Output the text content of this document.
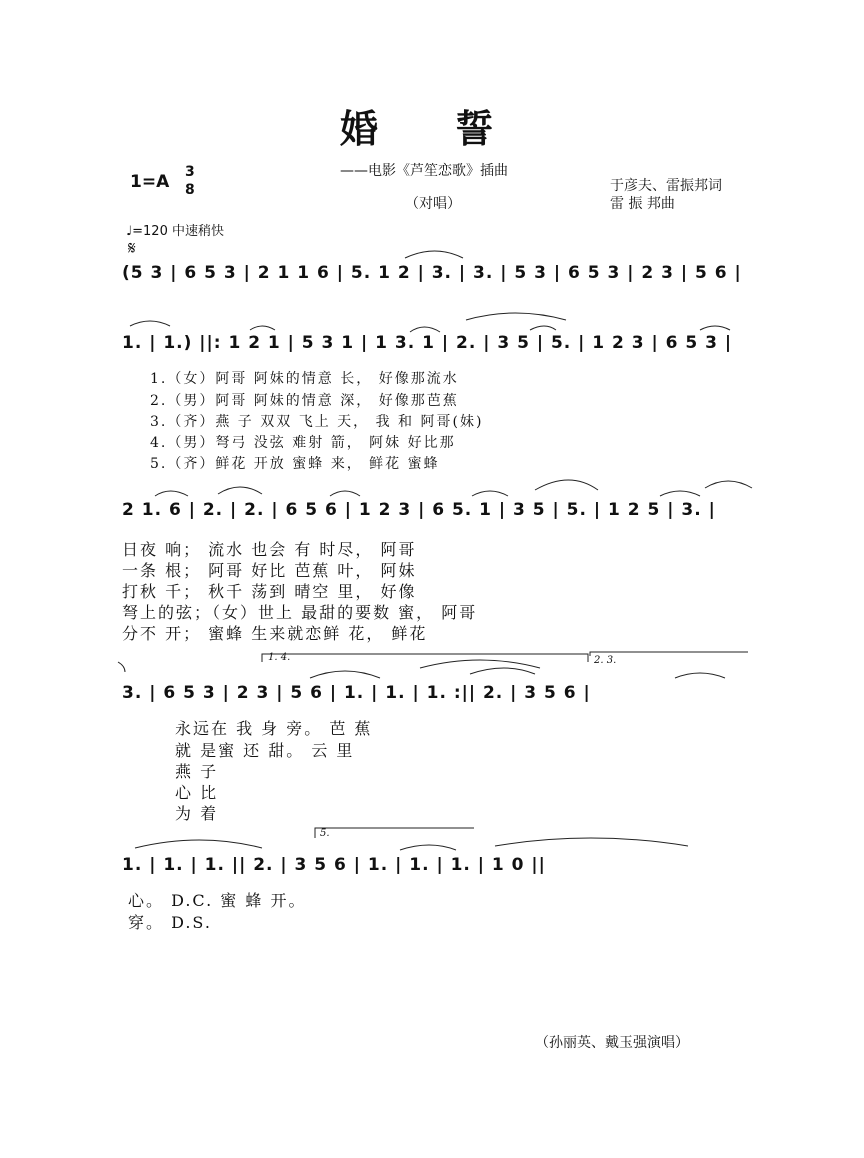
婚 誓
——电影《芦笙恋歌》插曲
1=A 3
8
（对唱）
于彦夫、雷振邦词
雷 振 邦曲
♩=120 中速稍快
𝄋
(5 3 | 6 5 3 | 2 1 1 6 | 5. 1 2 | 3. | 3. | 5 3 | 6 5 3 | 2 3 | 5 6 |
1. | 1.) ||: 1 2 1 | 5 3 1 | 1 3. 1 | 2. | 3 5 | 5. | 1 2 3 | 6 5 3 |
2 1. 6 | 2. | 2. | 6 5 6 | 1 2 3 | 6 5. 1 | 3 5 | 5. | 1 2 5 | 3. |
3. | 6 5 3 | 2 3 | 5 6 | 1. | 1. | 1. :|| 2. | 3 5 6 |
1. | 1. | 1. || 2. | 3 5 6 | 1. | 1. | 1. | 1 0 ||
1.（女）阿哥 阿妹的情意 长， 好像那流水
2.（男）阿哥 阿妹的情意 深， 好像那芭蕉
3.（齐）燕 子 双双 飞上 天， 我 和 阿哥(妹)
4.（男）弩弓 没弦 难射 箭， 阿妹 好比那
5.（齐）鲜花 开放 蜜蜂 来， 鲜花 蜜蜂
日夜 响； 流水 也会 有 时尽， 阿哥
一条 根； 阿哥 好比 芭蕉 叶， 阿妹
打秋 千； 秋千 荡到 晴空 里， 好像
弩上的弦；（女）世上 最甜的要数 蜜， 阿哥
分不 开； 蜜蜂 生来就恋鲜 花， 鲜花
永远在 我 身 旁。 芭 蕉
就 是蜜 还 甜。 云 里
燕 子
心 比
为 着
心。 D.C. 蜜 蜂 开。
穿。 D.S.
1. 4.	2. 3.
5.
（孙丽英、戴玉强演唱）
